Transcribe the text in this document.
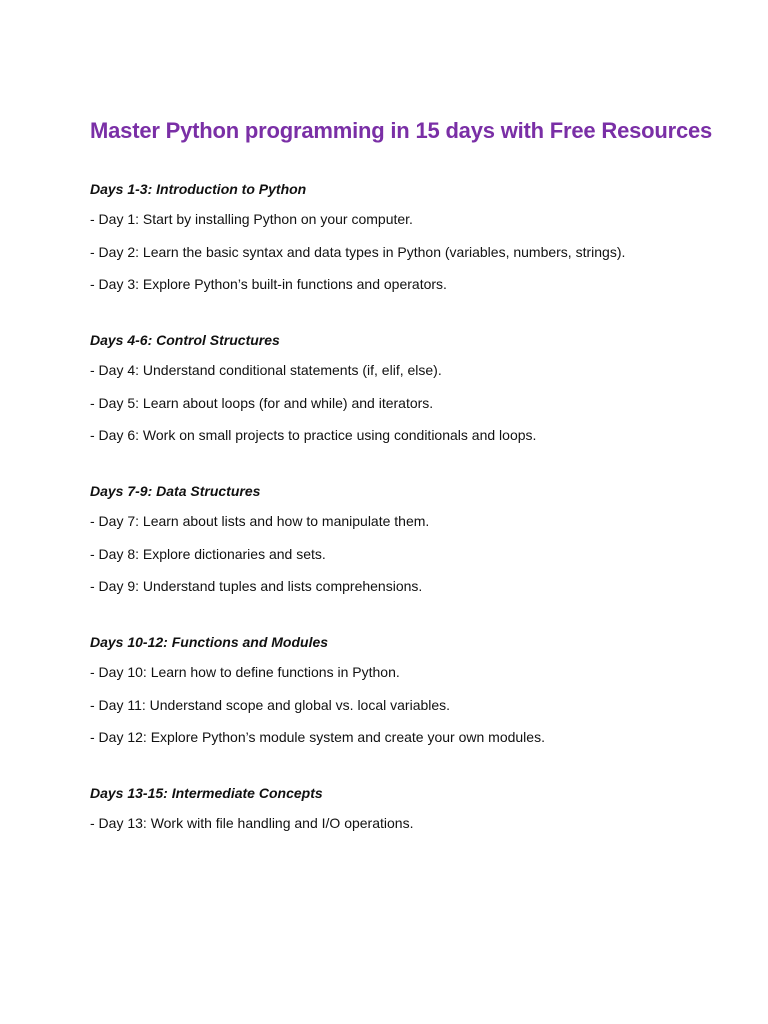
Master Python programming in 15 days with Free Resources

Days 1-3: Introduction to Python

- Day 1: Start by installing Python on your computer.
- Day 2: Learn the basic syntax and data types in Python (variables, numbers, strings).
- Day 3: Explore Python’s built-in functions and operators.

Days 4-6: Control Structures

- Day 4: Understand conditional statements (if, elif, else).
- Day 5: Learn about loops (for and while) and iterators.
- Day 6: Work on small projects to practice using conditionals and loops.

Days 7-9: Data Structures

- Day 7: Learn about lists and how to manipulate them.
- Day 8: Explore dictionaries and sets.
- Day 9: Understand tuples and lists comprehensions.

Days 10-12: Functions and Modules

- Day 10: Learn how to define functions in Python.
- Day 11: Understand scope and global vs. local variables.
- Day 12: Explore Python’s module system and create your own modules.

Days 13-15: Intermediate Concepts

- Day 13: Work with file handling and I/O operations.
